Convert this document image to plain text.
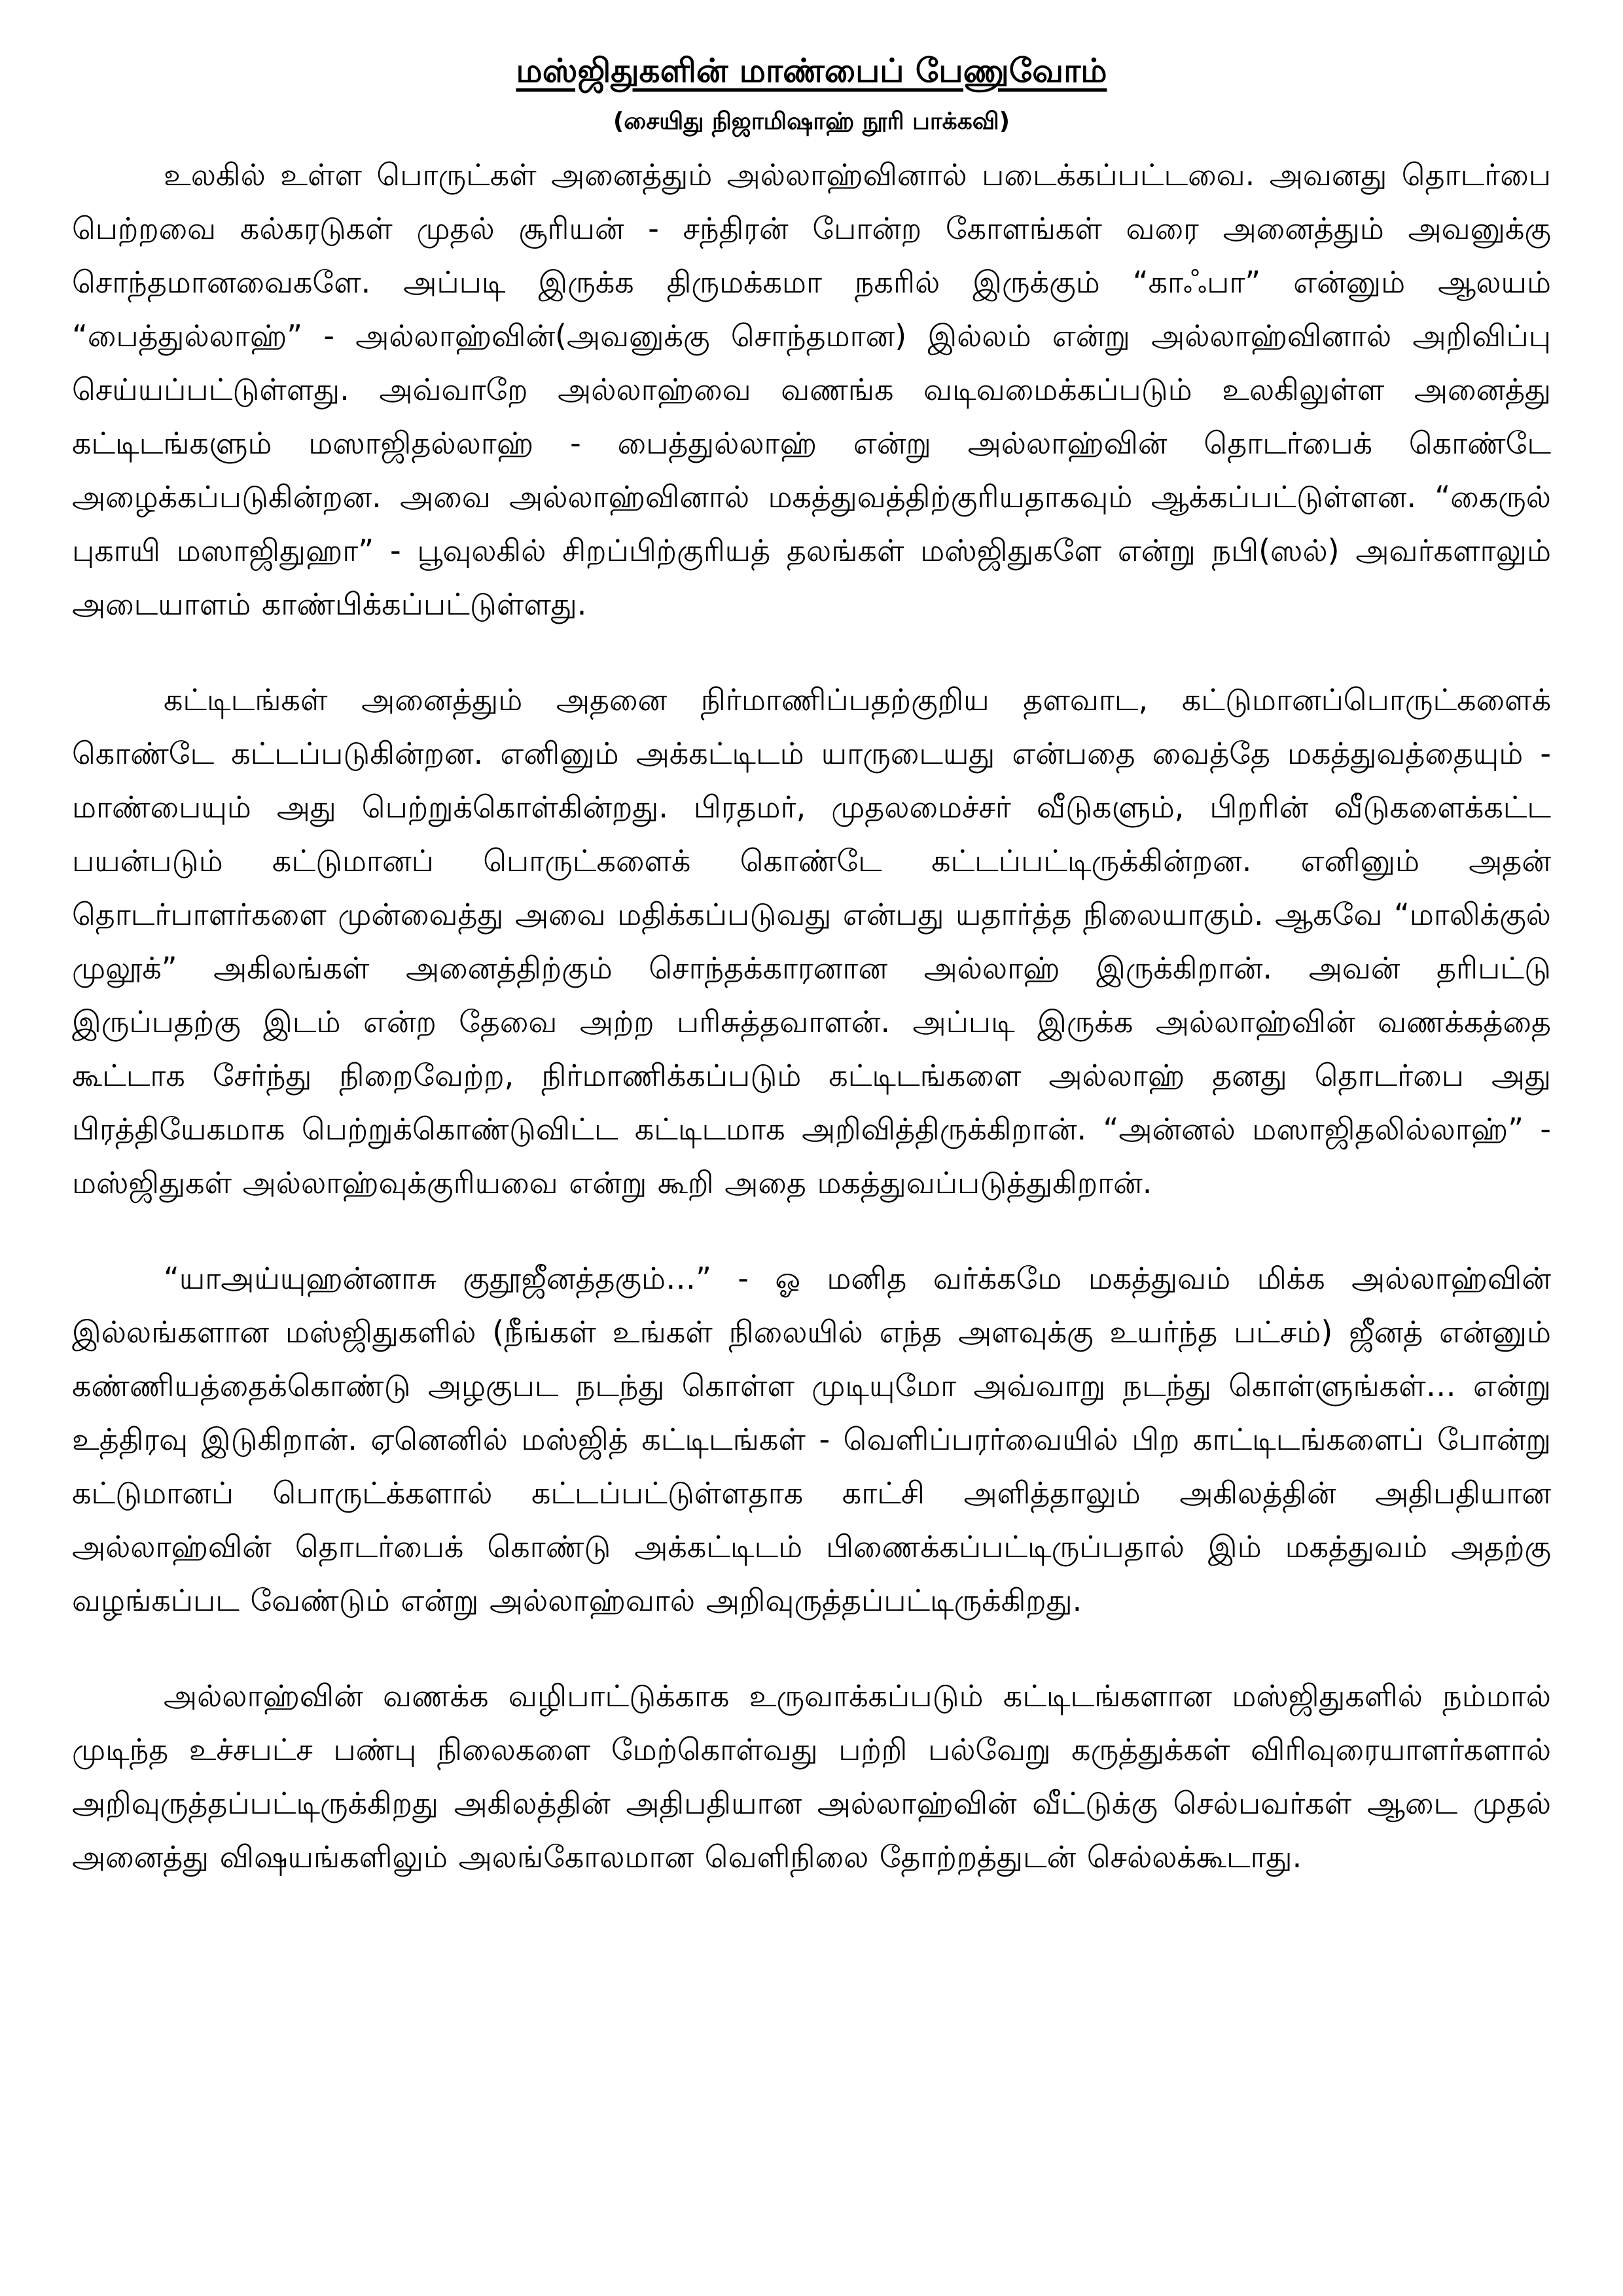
மஸ்ஜிதுகளின் மாண்பைப் பேணுவோம்
(சையிது நிஜாமிஷாஹ் நூரி பாக்கவி)

உலகில் உள்ள பொருட்கள் அனைத்தும் அல்லாஹ்வினால் படைக்கப்பட்டவை. அவனது தொடர்பை பெற்றவை கல்கரடுகள் முதல் சூரியன் - சந்திரன் போன்ற கோளங்கள் வரை அனைத்தும் அவனுக்கு சொந்தமானவைகளே. அப்படி இருக்க திருமக்கமா நகரில் இருக்கும் “காஃபா” என்னும் ஆலயம் “பைத்துல்லாஹ்” - அல்லாஹ்வின்(அவனுக்கு சொந்தமான) இல்லம் என்று அல்லாஹ்வினால் அறிவிப்பு செய்யப்பட்டுள்ளது. அவ்வாறே அல்லாஹ்வை வணங்க வடிவமைக்கப்படும் உலகிலுள்ள அனைத்து கட்டிடங்களும் மஸாஜிதல்லாஹ் - பைத்துல்லாஹ் என்று அல்லாஹ்வின் தொடர்பைக் கொண்டே அழைக்கப்படுகின்றன. அவை அல்லாஹ்வினால் மகத்துவத்திற்குரியதாகவும் ஆக்கப்பட்டுள்ளன. “கைருல் புகாயி மஸாஜிதுஹா” - பூவுலகில் சிறப்பிற்குரியத் தலங்கள் மஸ்ஜிதுகளே என்று நபி(ஸல்) அவர்களாலும் அடையாளம் காண்பிக்கப்பட்டுள்ளது.

கட்டிடங்கள் அனைத்தும் அதனை நிர்மாணிப்பதற்குறிய தளவாட, கட்டுமானப்பொருட்களைக் கொண்டே கட்டப்படுகின்றன. எனினும் அக்கட்டிடம் யாருடையது என்பதை வைத்தே மகத்துவத்தையும் - மாண்பையும் அது பெற்றுக்கொள்கின்றது. பிரதமர், முதலமைச்சர் வீடுகளும், பிறரின் வீடுகளைக்கட்ட பயன்படும் கட்டுமானப் பொருட்களைக் கொண்டே கட்டப்பட்டிருக்கின்றன. எனினும் அதன் தொடர்பாளர்களை முன்வைத்து அவை மதிக்கப்படுவது என்பது யதார்த்த நிலையாகும். ஆகவே “மாலிக்குல் முலூக்” அகிலங்கள் அனைத்திற்கும் சொந்தக்காரனான அல்லாஹ் இருக்கிறான். அவன் தரிபட்டு இருப்பதற்கு இடம் என்ற தேவை அற்ற பரிசுத்தவாளன். அப்படி இருக்க அல்லாஹ்வின் வணக்கத்தை கூட்டாக சேர்ந்து நிறைவேற்ற, நிர்மாணிக்கப்படும் கட்டிடங்களை அல்லாஹ் தனது தொடர்பை அது பிரத்தியேகமாக பெற்றுக்கொண்டுவிட்ட கட்டிடமாக அறிவித்திருக்கிறான். “அன்னல் மஸாஜிதலில்லாஹ்” - மஸ்ஜிதுகள் அல்லாஹ்வுக்குரியவை என்று கூறி அதை மகத்துவப்படுத்துகிறான்.

“யாஅய்யுஹன்னாசு குதூஜீனத்தகும்…” - ஓ மனித வர்க்கமே மகத்துவம் மிக்க அல்லாஹ்வின் இல்லங்களான மஸ்ஜிதுகளில் (நீங்கள் உங்கள் நிலையில் எந்த அளவுக்கு உயர்ந்த பட்சம்) ஜீனத் என்னும் கண்ணியத்தைக்கொண்டு அழகுபட நடந்து கொள்ள முடியுமோ அவ்வாறு நடந்து கொள்ளுங்கள்… என்று உத்திரவு இடுகிறான். ஏனெனில் மஸ்ஜித் கட்டிடங்கள் - வெளிப்பரர்வையில் பிற காட்டிடங்களைப் போன்று கட்டுமானப் பொருட்க்களால் கட்டப்பட்டுள்ளதாக காட்சி அளித்தாலும் அகிலத்தின் அதிபதியான அல்லாஹ்வின் தொடர்பைக் கொண்டு அக்கட்டிடம் பிணைக்கப்பட்டிருப்பதால் இம் மகத்துவம் அதற்கு வழங்கப்பட வேண்டும் என்று அல்லாஹ்வால் அறிவுருத்தப்பட்டிருக்கிறது.

அல்லாஹ்வின் வணக்க வழிபாட்டுக்காக உருவாக்கப்படும் கட்டிடங்களான மஸ்ஜிதுகளில் நம்மால் முடிந்த உச்சபட்ச பண்பு நிலைகளை மேற்கொள்வது பற்றி பல்வேறு கருத்துக்கள் விரிவுரையாளர்களால் அறிவுருத்தப்பட்டிருக்கிறது அகிலத்தின் அதிபதியான அல்லாஹ்வின் வீட்டுக்கு செல்பவர்கள் ஆடை முதல் அனைத்து விஷயங்களிலும் அலங்கோலமான வெளிநிலை தோற்றத்துடன் செல்லக்கூடாது.
